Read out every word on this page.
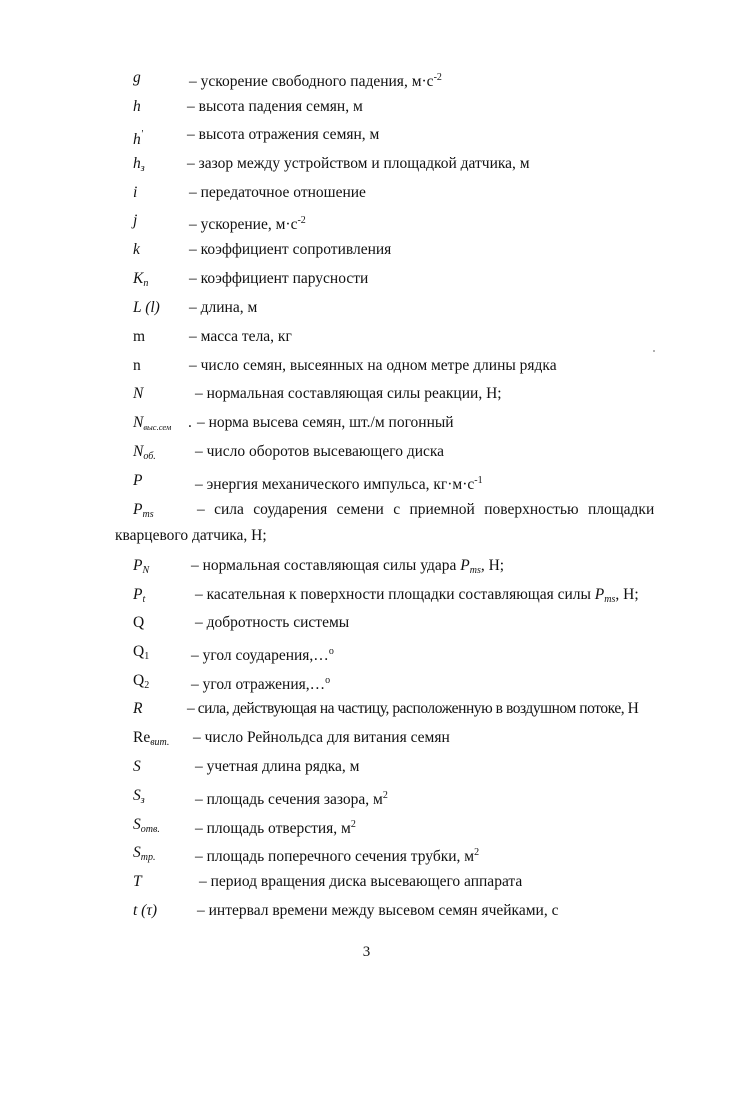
g	– ускорение свободного падения, $м\cdot с^{-2}$
h	– высота падения семян, м
h'	– высота отражения семян, м
$h_з$	– зазор между устройством и площадкой датчика, м
i	– передаточное отношение
j	– ускорение, $м\cdot с^{-2}$
k	– коэффициент сопротивления
$K_п$	– коэффициент парусности
L (l) – длина, м
m	– масса тела, кг
n	– число семян, высеянных на одном метре длины рядка
N	– нормальная составляющая силы реакции, Н;
$N_{выс.сем}$ . – норма высева семян, шт./м погонный
$N_{об.}$	– число оборотов высевающего диска
P	– энергия механического импульса, $кг\cdot м\cdot с^{-1}$
$P_{ms}$	– сила соударения семени с приемной поверхностью площадки
кварцевого датчика, Н;
$P_N$	– нормальная составляющая силы удара $P_{ms}$, Н;
$P_t$	– касательная к поверхности площадки составляющая силы $P_{ms}$, Н;
Q	– добротность системы
$Q_1$	– угол соударения,…$^o$
$Q_2$	– угол отражения,…$^o$
R	– сила, действующая на частицу, расположенную в воздушном потоке, Н
$Re_{вит.}$ – число Рейнольдса для витания семян
S	– учетная длина рядка, м
$S_з$	– площадь сечения зазора, $м^2$
$S_{отв.}$ – площадь отверстия, $м^2$
$S_{тр.}$	– площадь поперечного сечения трубки, $м^2$
T	– период вращения диска высевающего аппарата
t (τ)	– интервал времени между высевом семян ячейками, с
3
